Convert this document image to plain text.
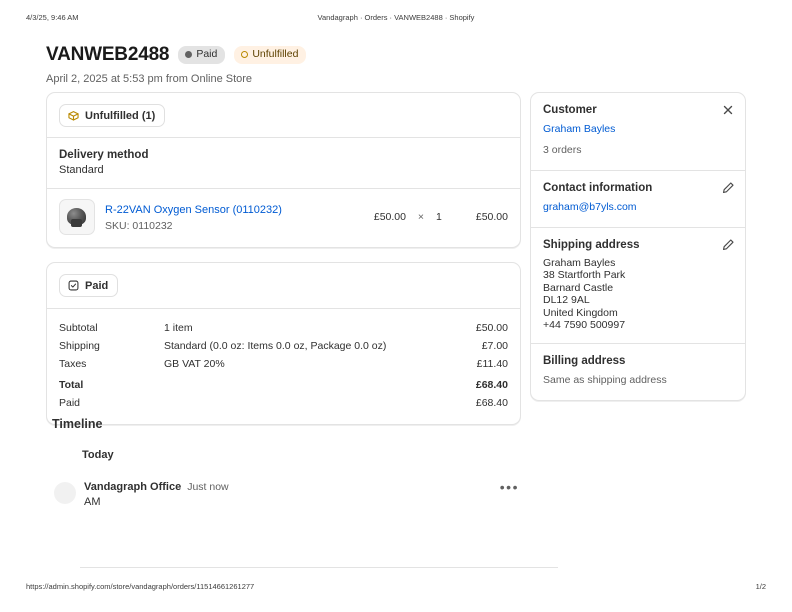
4/3/25, 9:46 AM	Vandagraph · Orders · VANWEB2488 · Shopify
VANWEB2488	Paid	Unfulfilled
April 2, 2025 at 5:53 pm from Online Store
Unfulfilled (1)
Delivery method
Standard
R-22VAN Oxygen Sensor (0110232)
SKU: 0110232
£50.00	×	1	£50.00
Paid
Subtotal	1 item	£50.00
Shipping	Standard (0.0 oz: Items 0.0 oz, Package 0.0 oz)	£7.00
Taxes	GB VAT 20%	£11.40
Total		£68.40
Paid		£68.40
Customer
Graham Bayles
3 orders
Contact information
graham@b7yls.com
Shipping address
Graham Bayles
38 Startforth Park
Barnard Castle
DL12 9AL
United Kingdom
+44 7590 500997
Billing address
Same as shipping address
Timeline
Today
Vandagraph Office Just now
AM
•••
https://admin.shopify.com/store/vandagraph/orders/11514661261277	1/2
